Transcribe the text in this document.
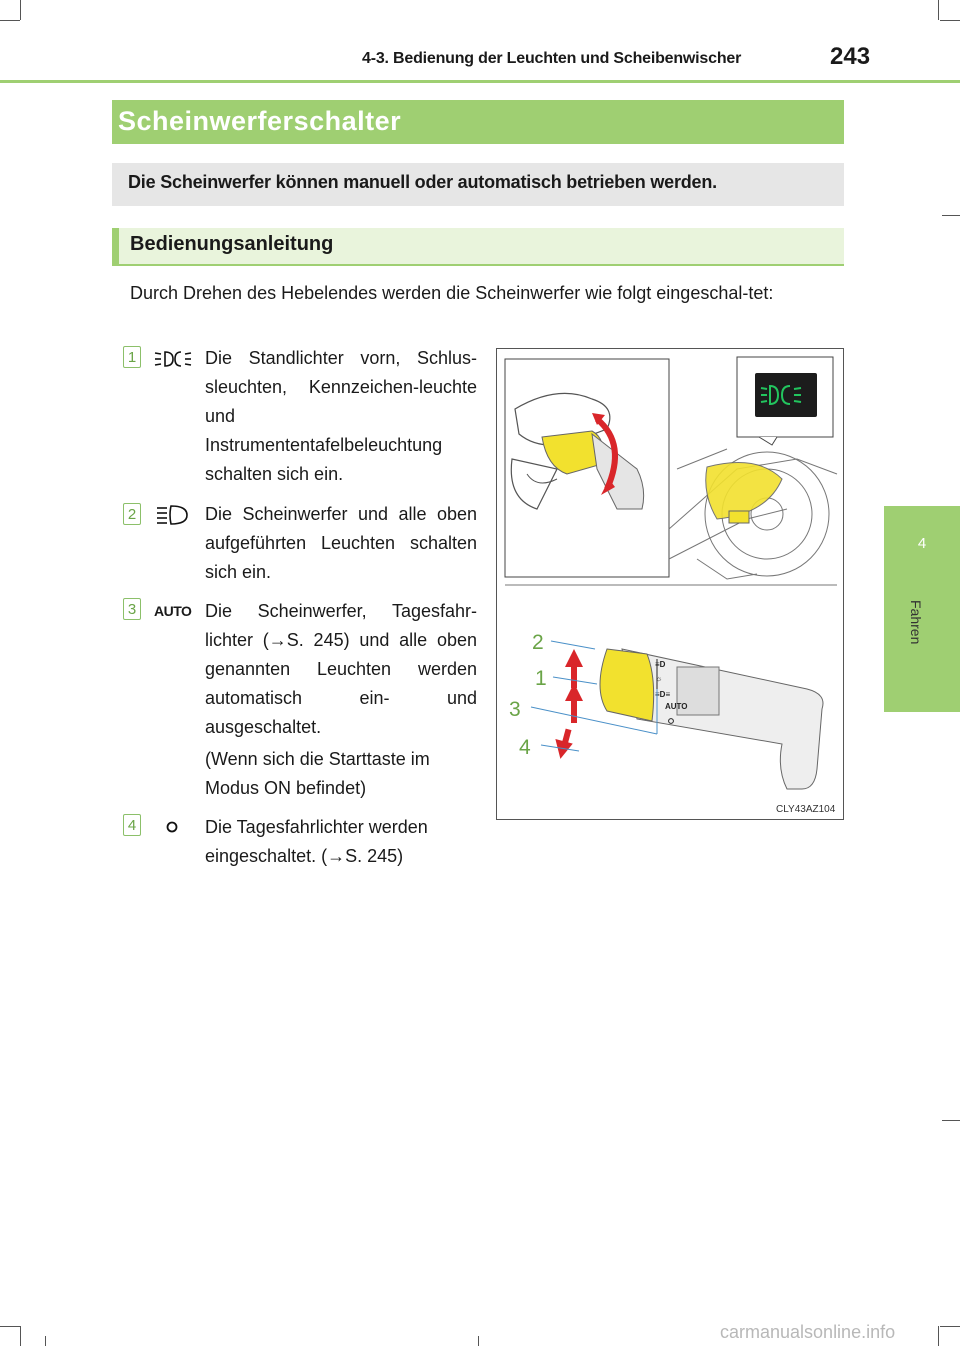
4-3. Bedienung der Leuchten und Scheibenwischer	243
4
Fahren
Scheinwerferschalter
Die Scheinwerfer können manuell oder automatisch betrieben werden.
Bedienungsanleitung
Durch Drehen des Hebelendes werden die Scheinwerfer wie folgt eingeschal-tet:
1	Die Standlichter vorn, Schlus-sleuchten, Kennzeichen-leuchte und Instrumententafelbeleuchtung schalten sich ein.
2	Die Scheinwerfer und alle oben aufgeführten Leuchten schalten sich ein.
3	AUTO Die Scheinwerfer, Tagesfahr-lichter (→S. 245) und alle oben genannten Leuchten werden automatisch ein- und ausgeschaltet.
(Wenn sich die Starttaste im Modus ON befindet)
4	Die Tagesfahrlichter werden eingeschaltet. (→S. 245)
≡D
☼
≡D≡
AUTO
2
1
3
4
CLY43AZ104
carmanualsonline.info
